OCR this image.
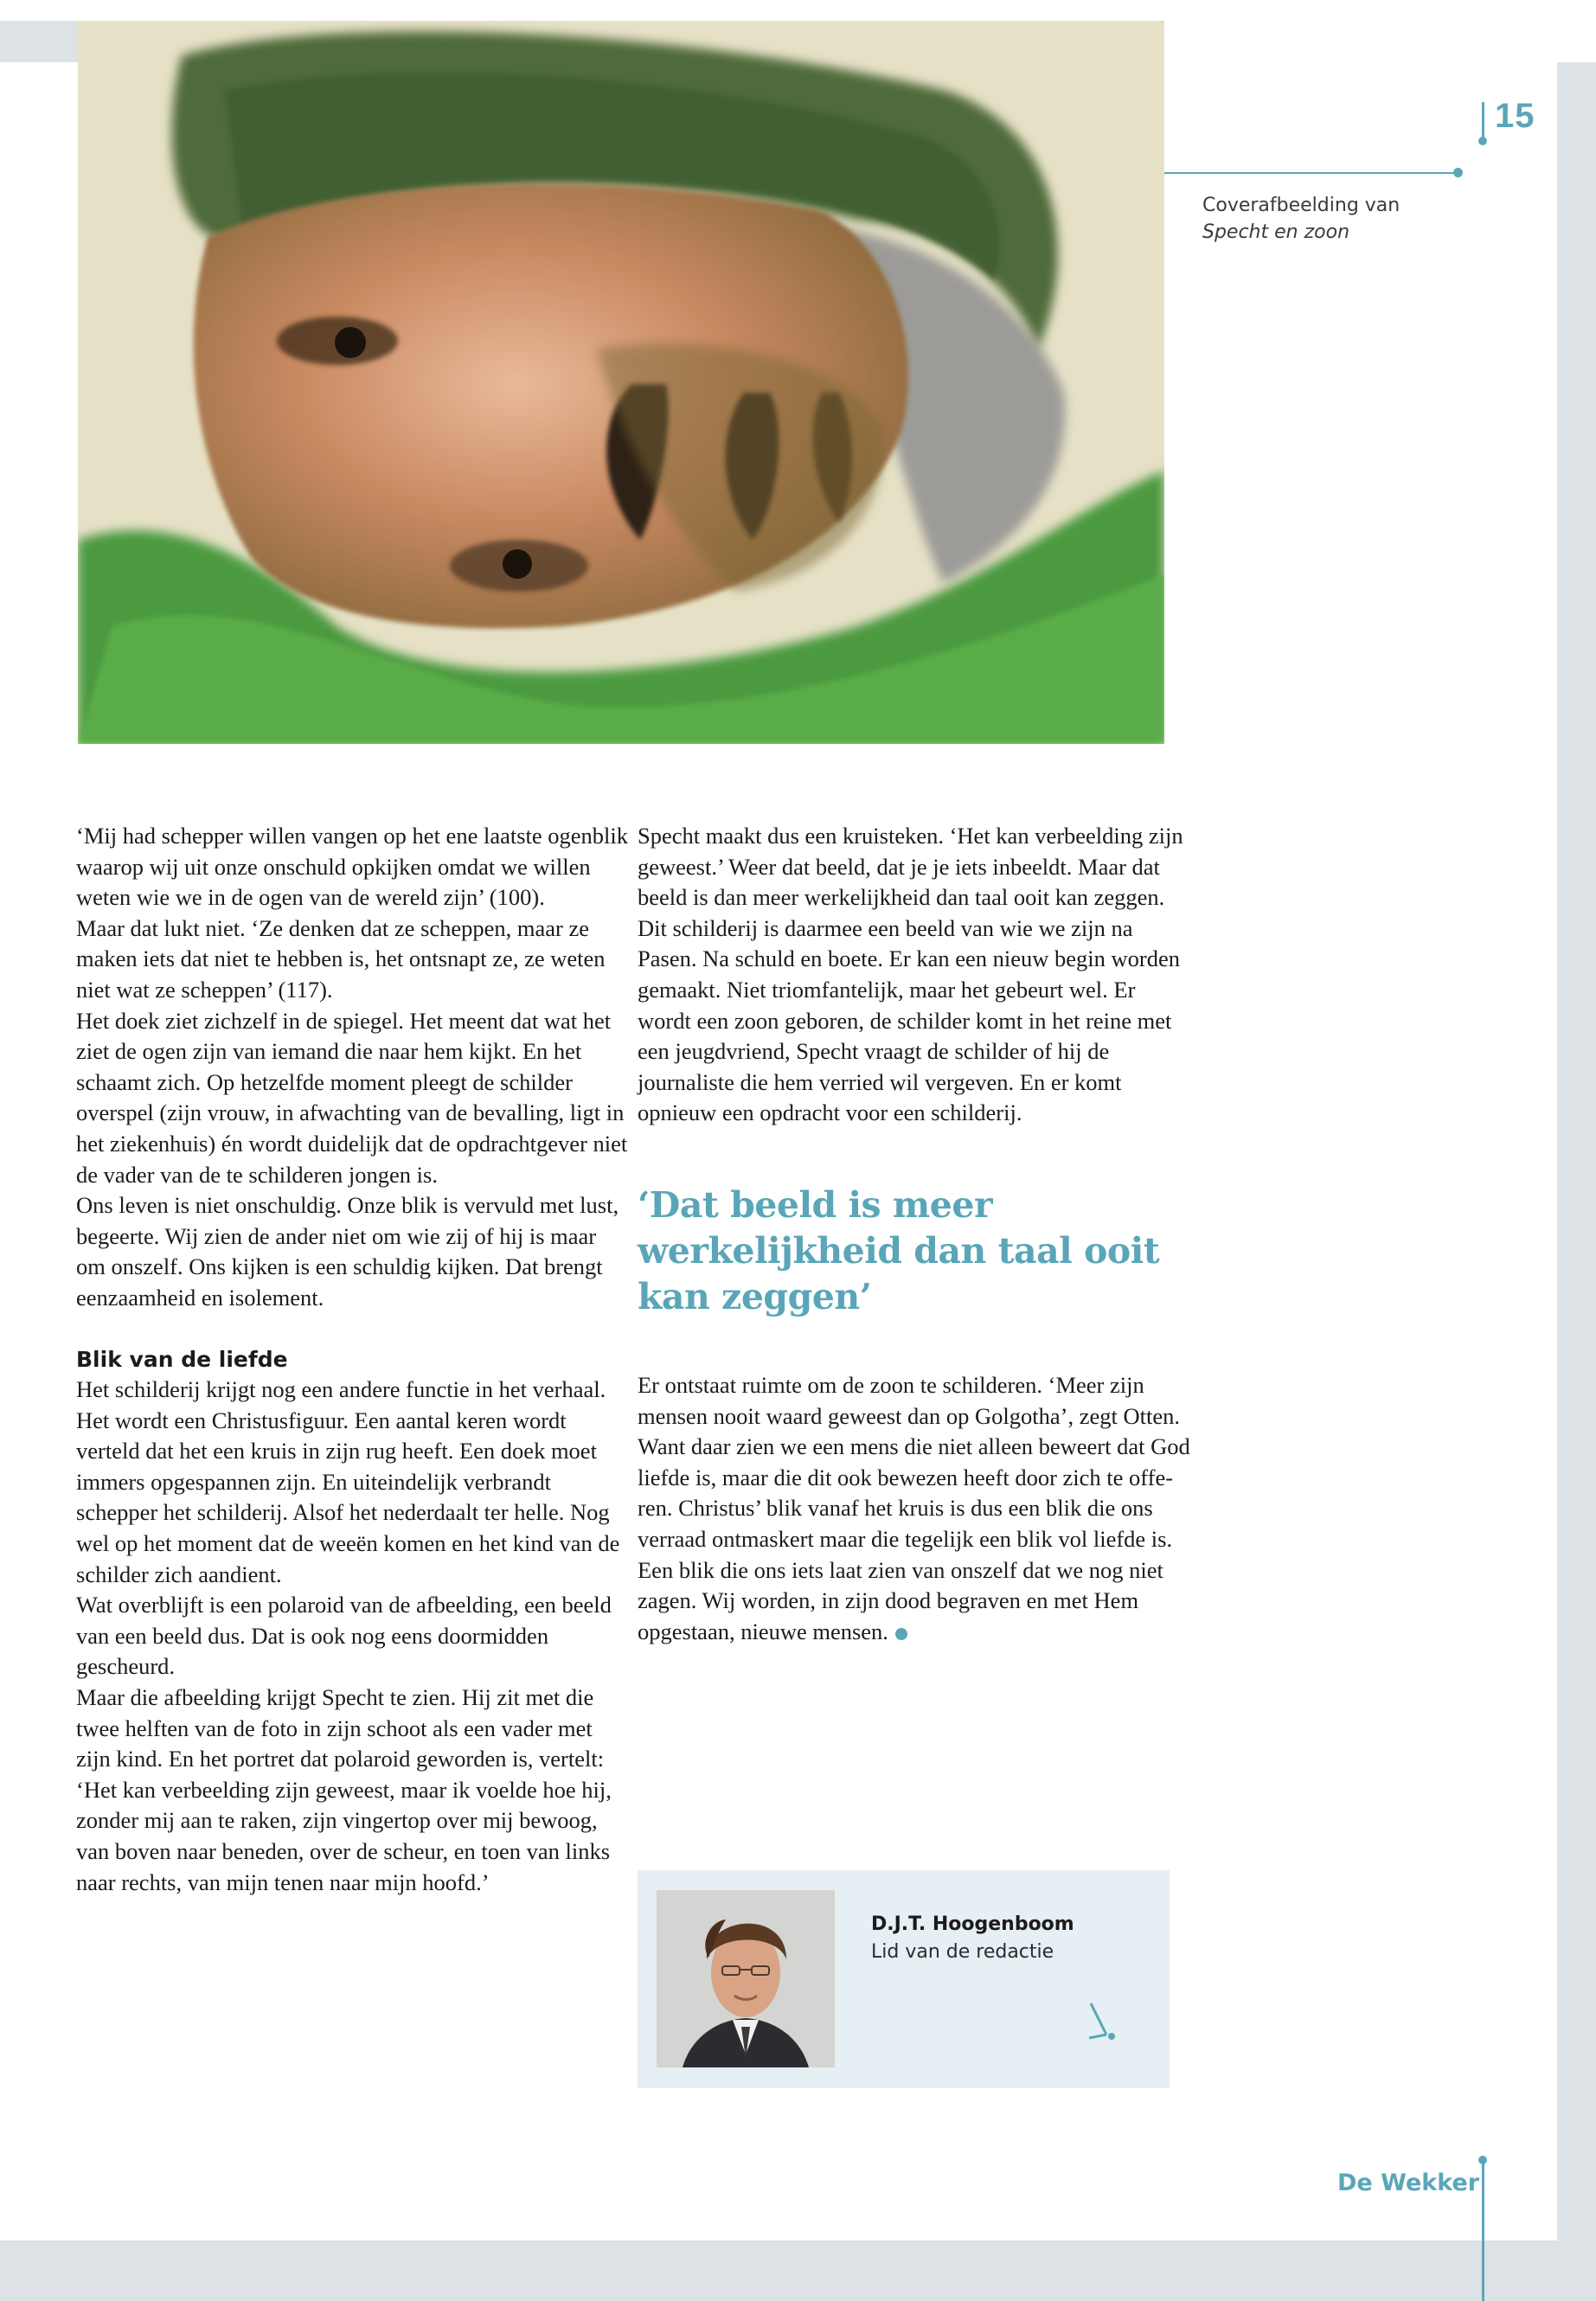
15
Coverafbeelding van
Specht en zoon

‘Mij had schepper willen vangen op het ene laatste ogenblik waarop wij uit onze onschuld opkijken omdat we willen weten wie we in de ogen van de wereld zijn’ (100).

Maar dat lukt niet. ‘Ze denken dat ze scheppen, maar ze maken iets dat niet te hebben is, het ontsnapt ze, ze weten niet wat ze scheppen’ (117).

Het doek ziet zichzelf in de spiegel. Het meent dat wat het ziet de ogen zijn van iemand die naar hem kijkt. En het schaamt zich. Op hetzelfde moment pleegt de schilder overspel (zijn vrouw, in afwachting van de bevalling, ligt in het ziekenhuis) én wordt duidelijk dat de opdrachtgever niet de vader van de te schilderen jongen is.

Ons leven is niet onschuldig. Onze blik is vervuld met lust, begeerte. Wij zien de ander niet om wie zij of hij is maar om onszelf. Ons kijken is een schuldig kijken. Dat brengt eenzaamheid en isolement.

Blik van de liefde

Het schilderij krijgt nog een andere functie in het verhaal. Het wordt een Christusfiguur. Een aantal keren wordt verteld dat het een kruis in zijn rug heeft. Een doek moet immers opgespannen zijn. En uiteindelijk verbrandt schepper het schilderij. Alsof het nederdaalt ter helle. Nog wel op het moment dat de weeën komen en het kind van de schilder zich aandient.

Wat overblijft is een polaroid van de afbeelding, een beeld van een beeld dus. Dat is ook nog eens doormidden gescheurd.

Maar die afbeelding krijgt Specht te zien. Hij zit met die twee helften van de foto in zijn schoot als een vader met zijn kind. En het portret dat polaroid geworden is, vertelt:

‘Het kan verbeelding zijn geweest, maar ik voelde hoe hij, zonder mij aan te raken, zijn vingertop over mij bewoog, van boven naar beneden, over de scheur, en toen van links naar rechts, van mijn tenen naar mijn hoofd.’

Specht maakt dus een kruisteken. ‘Het kan verbeelding zijn geweest.’ Weer dat beeld, dat je je iets inbeeldt. Maar dat beeld is dan meer werkelijkheid dan taal ooit kan zeggen.

Dit schilderij is daarmee een beeld van wie we zijn na Pasen. Na schuld en boete. Er kan een nieuw begin worden gemaakt. Niet triomfantelijk, maar het gebeurt wel. Er wordt een zoon geboren, de schilder komt in het reine met een jeugdvriend, Specht vraagt de schilder of hij de journaliste die hem verried wil vergeven. En er komt opnieuw een opdracht voor een schilderij.

‘Dat beeld is meer werkelijkheid dan taal ooit kan zeggen’

Er ontstaat ruimte om de zoon te schilderen. ‘Meer zijn mensen nooit waard geweest dan op Golgotha’, zegt Otten. Want daar zien we een mens die niet alleen beweert dat God liefde is, maar die dit ook bewezen heeft door zich te offeren. Christus’ blik vanaf het kruis is dus een blik die ons verraad ontmaskert maar die tegelijk een blik vol liefde is. Een blik die ons iets laat zien van onszelf dat we nog niet zagen. Wij worden, in zijn dood begraven en met Hem opgestaan, nieuwe mensen.

D.J.T. Hoogenboom
Lid van de redactie
De Wekker
